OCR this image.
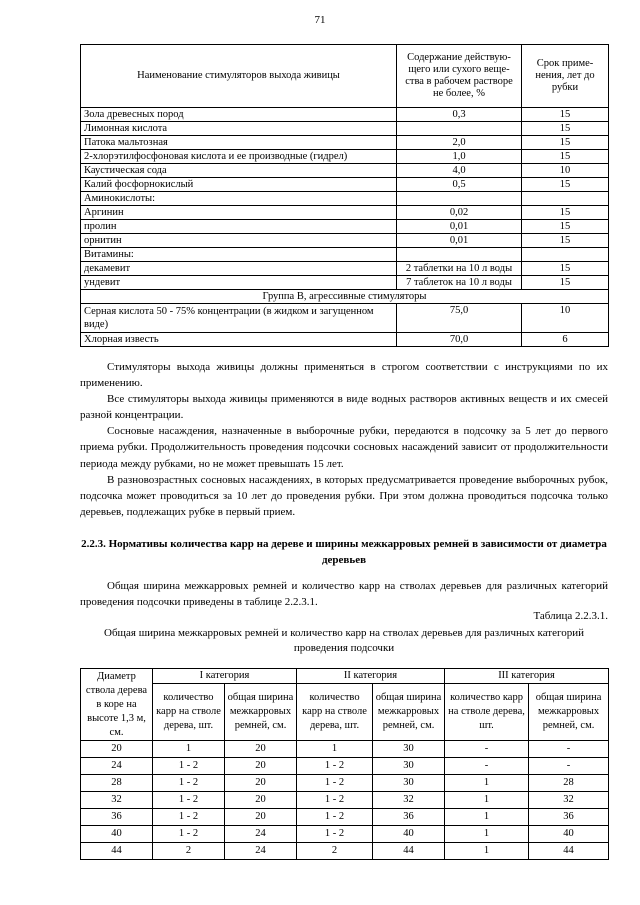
71
Наименование стимуляторов выхода живицы	Содержание действую-щего или сухого веще-ства в рабочем растворе не более, %	Срок приме-нения, лет до рубки
Зола древесных пород	0,3	15
Лимонная кислота		15
Патока мальтозная	2,0	15
2-хлорэтилфосфоновая кислота и ее производные (гидрел)	1,0	15
Каустическая сода	4,0	10
Калий фосфорнокислый	0,5	15
Аминокислоты:		
Аргинин	0,02	15
пролин	0,01	15
орнитин	0,01	15
Витамины:		
декамевит	2 таблетки на 10 л воды	15
ундевит	7 таблеток на 10 л воды	15
Группа В, агрессивные стимуляторы		
Серная кислота 50 - 75% концентрации (в жидком и загущенном виде)	75,0	10
Хлорная известь	70,0	6

Стимуляторы выхода живицы должны применяться в строгом соответствии с инструкциями по их применению.

Все стимуляторы выхода живицы применяются в виде водных растворов активных веществ и их смесей разной концентрации.

Сосновые насаждения, назначенные в выборочные рубки, передаются в подсочку за 5 лет до первого приема рубки. Продолжительность проведения подсочки сосновых насаждений зависит от продолжительности периода между рубками, но не может превышать 15 лет.

В разновозрастных сосновых насаждениях, в которых предусматривается проведение выборочных рубок, подсочка может проводиться за 10 лет до проведения рубки. При этом должна проводиться подсочка только деревьев, подлежащих рубке в первый прием.

2.2.3. Нормативы количества карр на дереве и ширины межкарровых ремней в зависимости от диаметра деревьев

Общая ширина межкарровых ремней и количество карр на стволах деревьев для различных категорий проведения подсочки приведены в таблице 2.2.3.1.

Таблица 2.2.3.1.
Общая ширина межкарровых ремней и количество карр на стволах деревьев для различных категорий проведения подсочки
Диаметр ствола дерева в коре на высоте 1,3 м, см.	I категория		II категория		III категория	
	количество карр на стволе дерева, шт.	общая ширина межкарровых ремней, см.	количество карр на стволе дерева, шт.	общая ширина межкарровых ремней, см.	количество карр на стволе дерева, шт.	общая ширина межкарровых ремней, см.
20	1	20	1	30	-	-
24	1 - 2	20	1 - 2	30	-	-
28	1 - 2	20	1 - 2	30	1	28
32	1 - 2	20	1 - 2	32	1	32
36	1 - 2	20	1 - 2	36	1	36
40	1 - 2	24	1 - 2	40	1	40
44	2	24	2	44	1	44
